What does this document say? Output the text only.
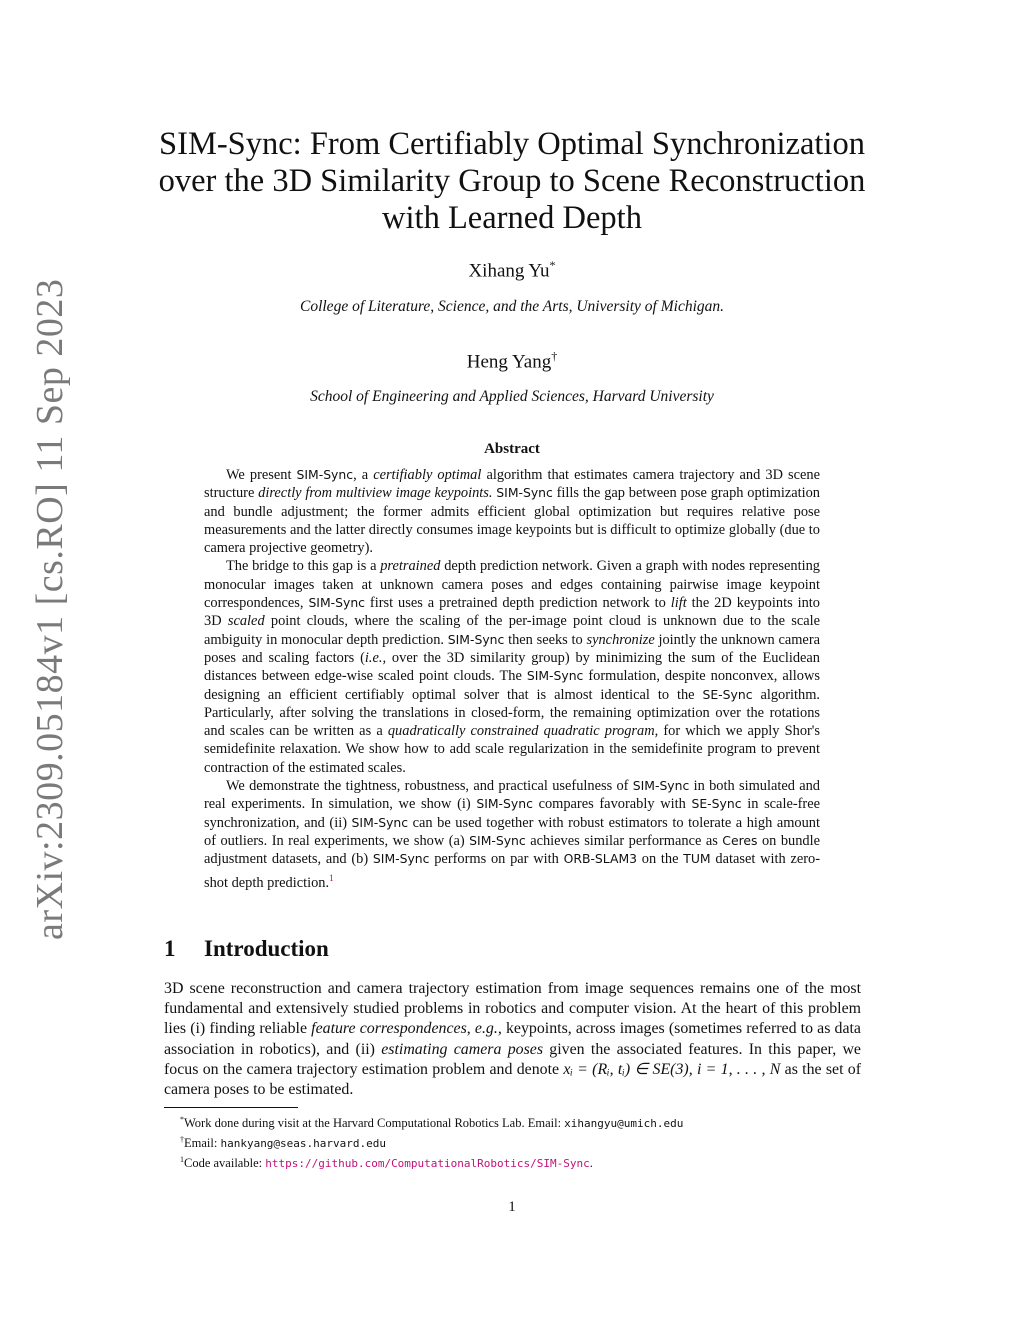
arXiv:2309.05184v1 [cs.RO] 11 Sep 2023
SIM-Sync: From Certifiably Optimal Synchronization over the 3D Similarity Group to Scene Reconstruction with Learned Depth
Xihang Yu*
College of Literature, Science, and the Arts, University of Michigan.
Heng Yang†
School of Engineering and Applied Sciences, Harvard University
Abstract

We present SIM-Sync, a certifiably optimal algorithm that estimates camera trajectory and 3D scene structure directly from multiview image keypoints. SIM-Sync fills the gap between pose graph optimization and bundle adjustment; the former admits efficient global optimization but requires relative pose measurements and the latter directly consumes image keypoints but is difficult to optimize globally (due to camera projective geometry).

The bridge to this gap is a pretrained depth prediction network. Given a graph with nodes representing monocular images taken at unknown camera poses and edges containing pairwise image keypoint correspondences, SIM-Sync first uses a pretrained depth prediction network to lift the 2D keypoints into 3D scaled point clouds, where the scaling of the per-image point cloud is unknown due to the scale ambiguity in monocular depth prediction. SIM-Sync then seeks to synchronize jointly the unknown camera poses and scaling factors (i.e., over the 3D similarity group) by minimizing the sum of the Euclidean distances between edge-wise scaled point clouds. The SIM-Sync formulation, despite nonconvex, allows designing an efficient certifiably optimal solver that is almost identical to the SE-Sync algorithm. Particularly, after solving the translations in closed-form, the remaining optimization over the rotations and scales can be written as a quadratically constrained quadratic program, for which we apply Shor's semidefinite relaxation. We show how to add scale regularization in the semidefinite program to prevent contraction of the estimated scales.

We demonstrate the tightness, robustness, and practical usefulness of SIM-Sync in both simulated and real experiments. In simulation, we show (i) SIM-Sync compares favorably with SE-Sync in scale-free synchronization, and (ii) SIM-Sync can be used together with robust estimators to tolerate a high amount of outliers. In real experiments, we show (a) SIM-Sync achieves similar performance as Ceres on bundle adjustment datasets, and (b) SIM-Sync performs on par with ORB-SLAM3 on the TUM dataset with zero-shot depth prediction.$^1$

1 Introduction

3D scene reconstruction and camera trajectory estimation from image sequences remains one of the most fundamental and extensively studied problems in robotics and computer vision. At the heart of this problem lies (i) finding reliable feature correspondences, e.g., keypoints, across images (sometimes referred to as data association in robotics), and (ii) estimating camera poses given the associated features. In this paper, we focus on the camera trajectory estimation problem and denote xᵢ = (Rᵢ, tᵢ) ∈ SE(3), i = 1, . . . , N as the set of camera poses to be estimated.

*Work done during visit at the Harvard Computational Robotics Lab. Email: xihangyu@umich.edu
†Email: hankyang@seas.harvard.edu
$^1$Code available: https://github.com/ComputationalRobotics/SIM-Sync.
1
